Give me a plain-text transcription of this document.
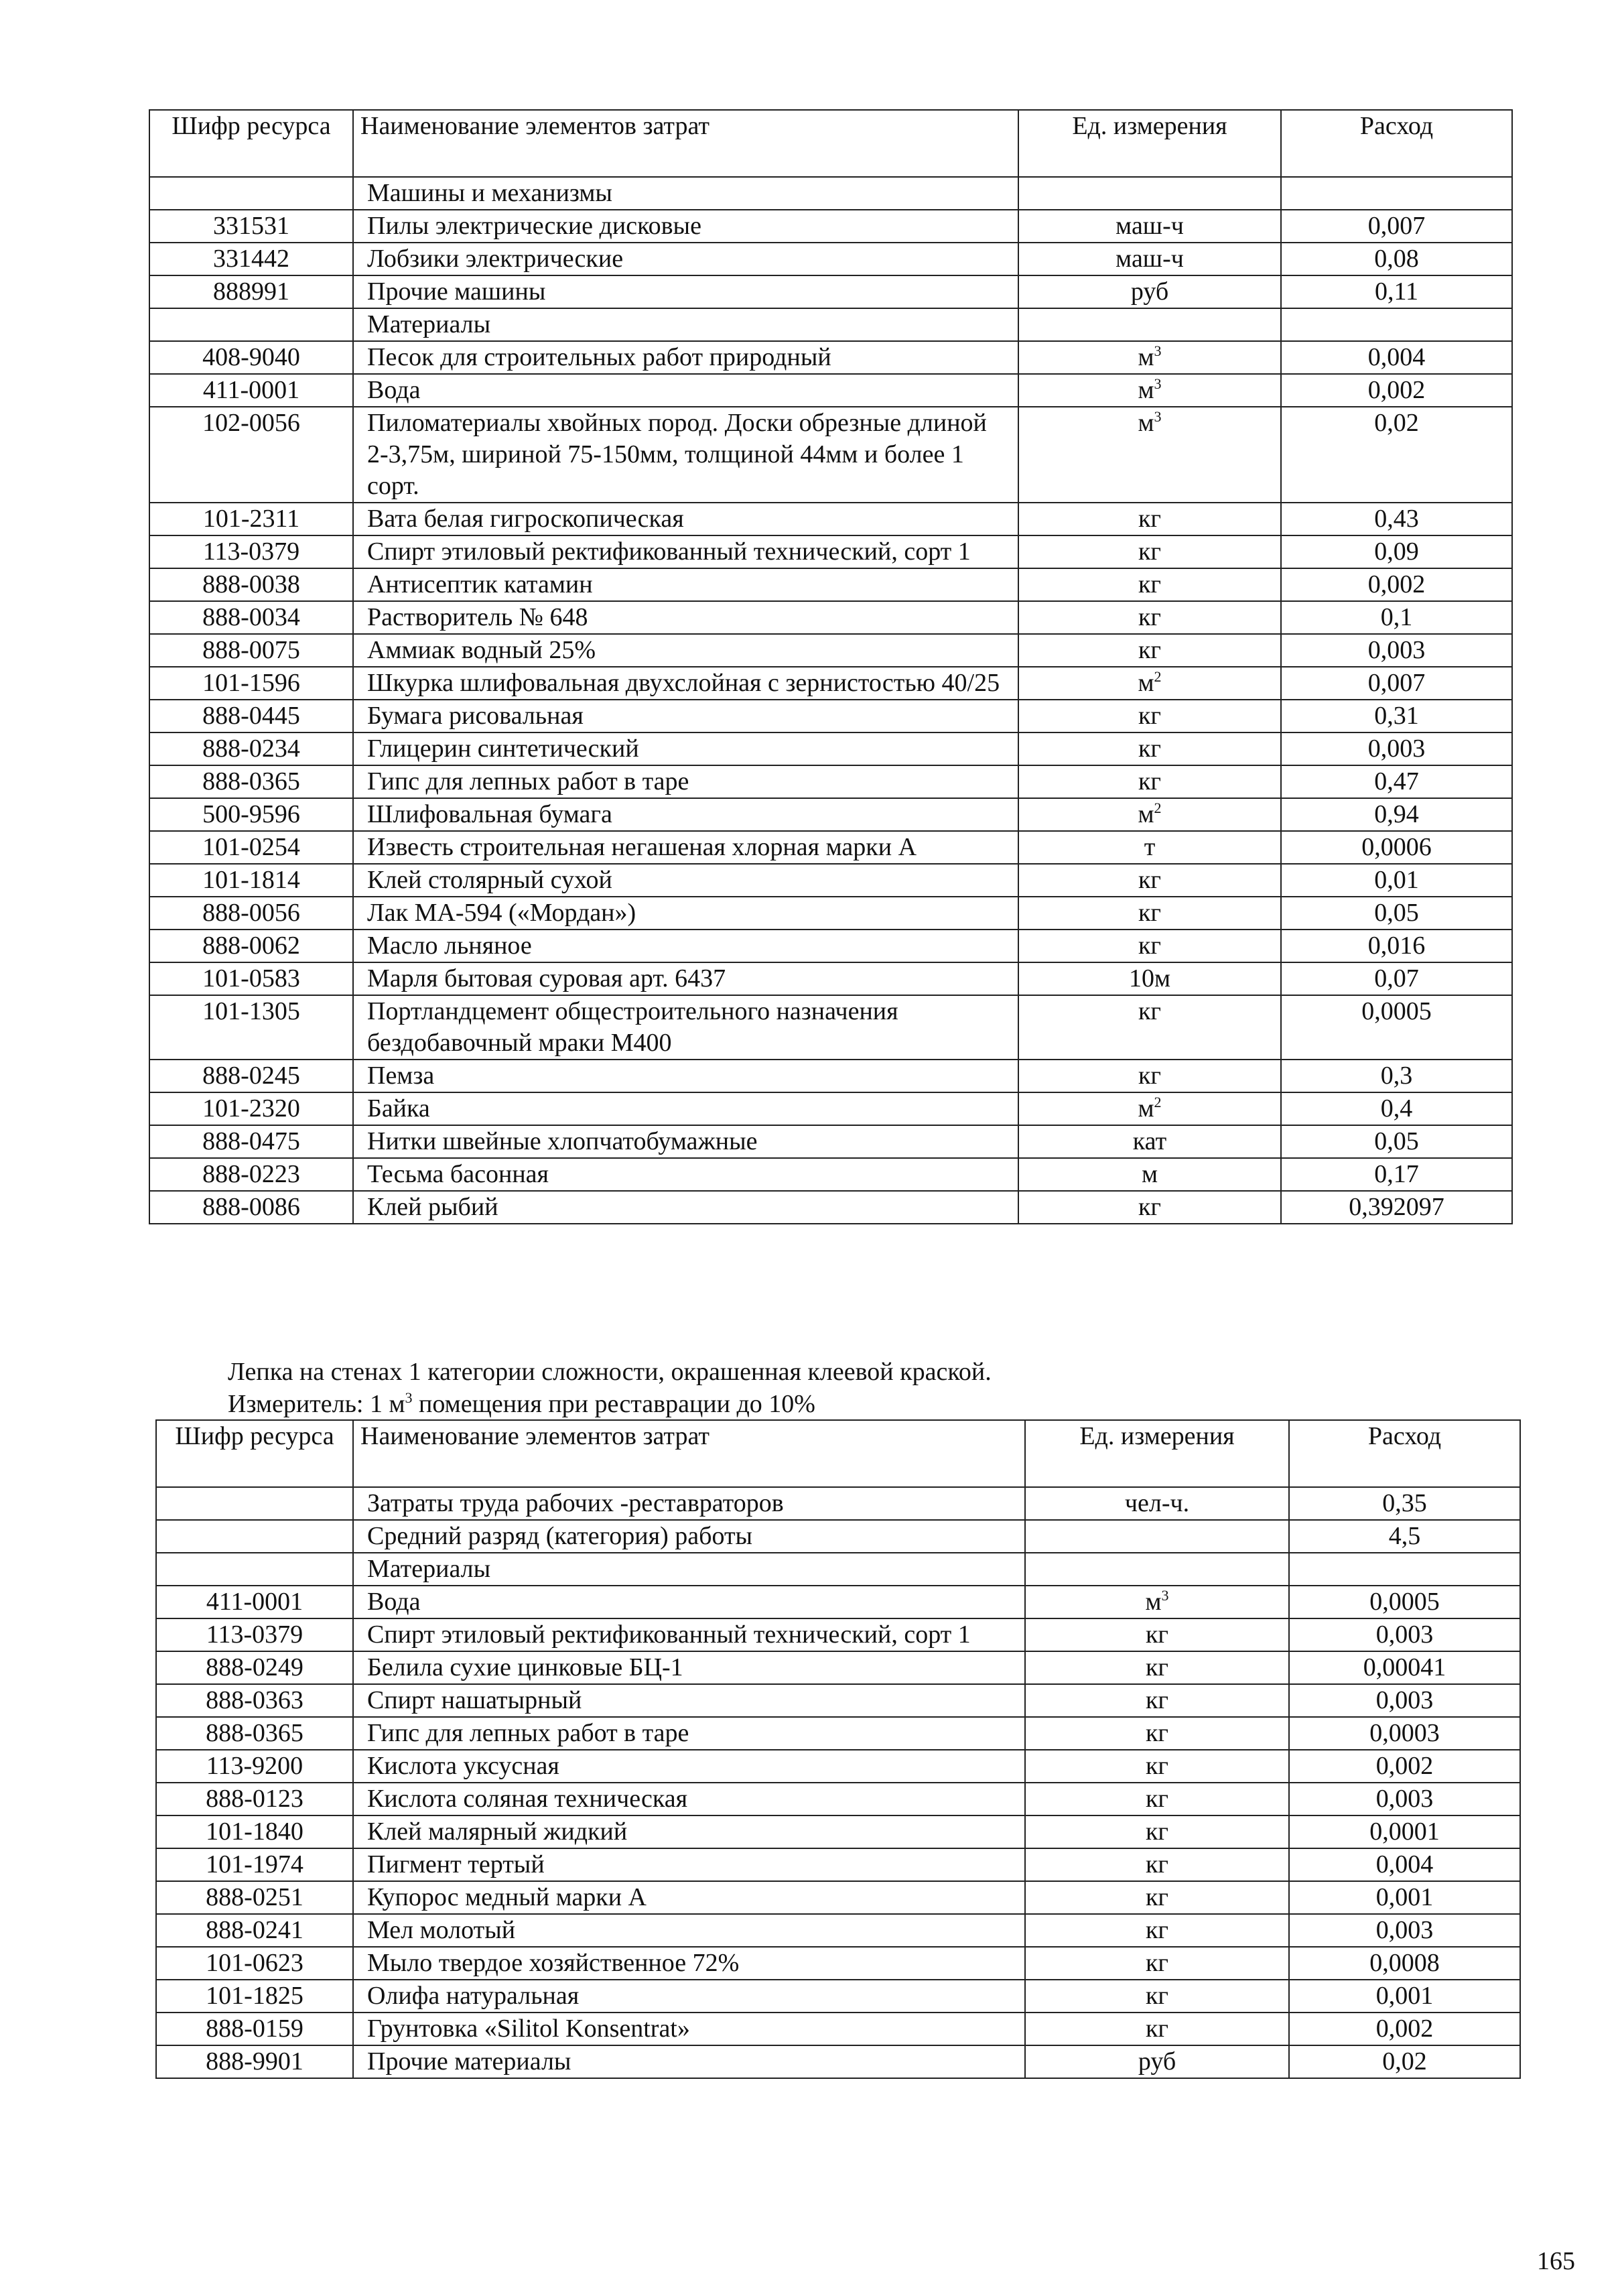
Шифр ресурса	Наименование элементов затрат	Ед. измерения	Расход
	Машины и механизмы		
331531	Пилы электрические дисковые	маш-ч	0,007
331442	Лобзики электрические	маш-ч	0,08
888991	Прочие машины	руб	0,11
	Материалы		
408-9040	Песок для строительных работ природный	$м^3$	0,004
411-0001	Вода	$м^3$	0,002
102-0056	Пиломатериалы хвойных пород. Доски обрезные длиной 2-3,75м, шириной 75-150мм, толщиной 44мм и более 1 сорт.	$м^3$	0,02
101-2311	Вата белая гигроскопическая	кг	0,43
113-0379	Спирт этиловый ректификованный технический, сорт 1	кг	0,09
888-0038	Антисептик катамин	кг	0,002
888-0034	Растворитель № 648	кг	0,1
888-0075	Аммиак водный 25%	кг	0,003
101-1596	Шкурка шлифовальная двухслойная с зернистостью 40/25	$м^2$	0,007
888-0445	Бумага рисовальная	кг	0,31
888-0234	Глицерин синтетический	кг	0,003
888-0365	Гипс для лепных работ в таре	кг	0,47
500-9596	Шлифовальная бумага	$м^2$	0,94
101-0254	Известь строительная негашеная хлорная марки А	т	0,0006
101-1814	Клей столярный сухой	кг	0,01
888-0056	Лак МА-594 («Мордан»)	кг	0,05
888-0062	Масло льняное	кг	0,016
101-0583	Марля бытовая суровая арт. 6437	10м	0,07
101-1305	Портландцемент общестроительного назначения бездобавочный мраки М400	кг	0,0005
888-0245	Пемза	кг	0,3
101-2320	Байка	$м^2$	0,4
888-0475	Нитки швейные хлопчатобумажные	кат	0,05
888-0223	Тесьма басонная	м	0,17
888-0086	Клей рыбий	кг	0,392097
Лепка на стенах 1 категории сложности, окрашенная клеевой краской.
Измеритель: 1 $м^3$ помещения при реставрации до 10%
Шифр ресурса	Наименование элементов затрат	Ед. измерения	Расход
	Затраты труда рабочих -реставраторов	чел-ч.	0,35
	Средний разряд (категория) работы		4,5
	Материалы		
411-0001	Вода	$м^3$	0,0005
113-0379	Спирт этиловый ректификованный технический, сорт 1	кг	0,003
888-0249	Белила сухие цинковые БЦ-1	кг	0,00041
888-0363	Спирт нашатырный	кг	0,003
888-0365	Гипс для лепных работ в таре	кг	0,0003
113-9200	Кислота уксусная	кг	0,002
888-0123	Кислота соляная техническая	кг	0,003
101-1840	Клей малярный жидкий	кг	0,0001
101-1974	Пигмент тертый	кг	0,004
888-0251	Купорос медный марки А	кг	0,001
888-0241	Мел молотый	кг	0,003
101-0623	Мыло твердое хозяйственное 72%	кг	0,0008
101-1825	Олифа натуральная	кг	0,001
888-0159	Грунтовка «Silitol Konsentrat»	кг	0,002
888-9901	Прочие материалы	руб	0,02
165
